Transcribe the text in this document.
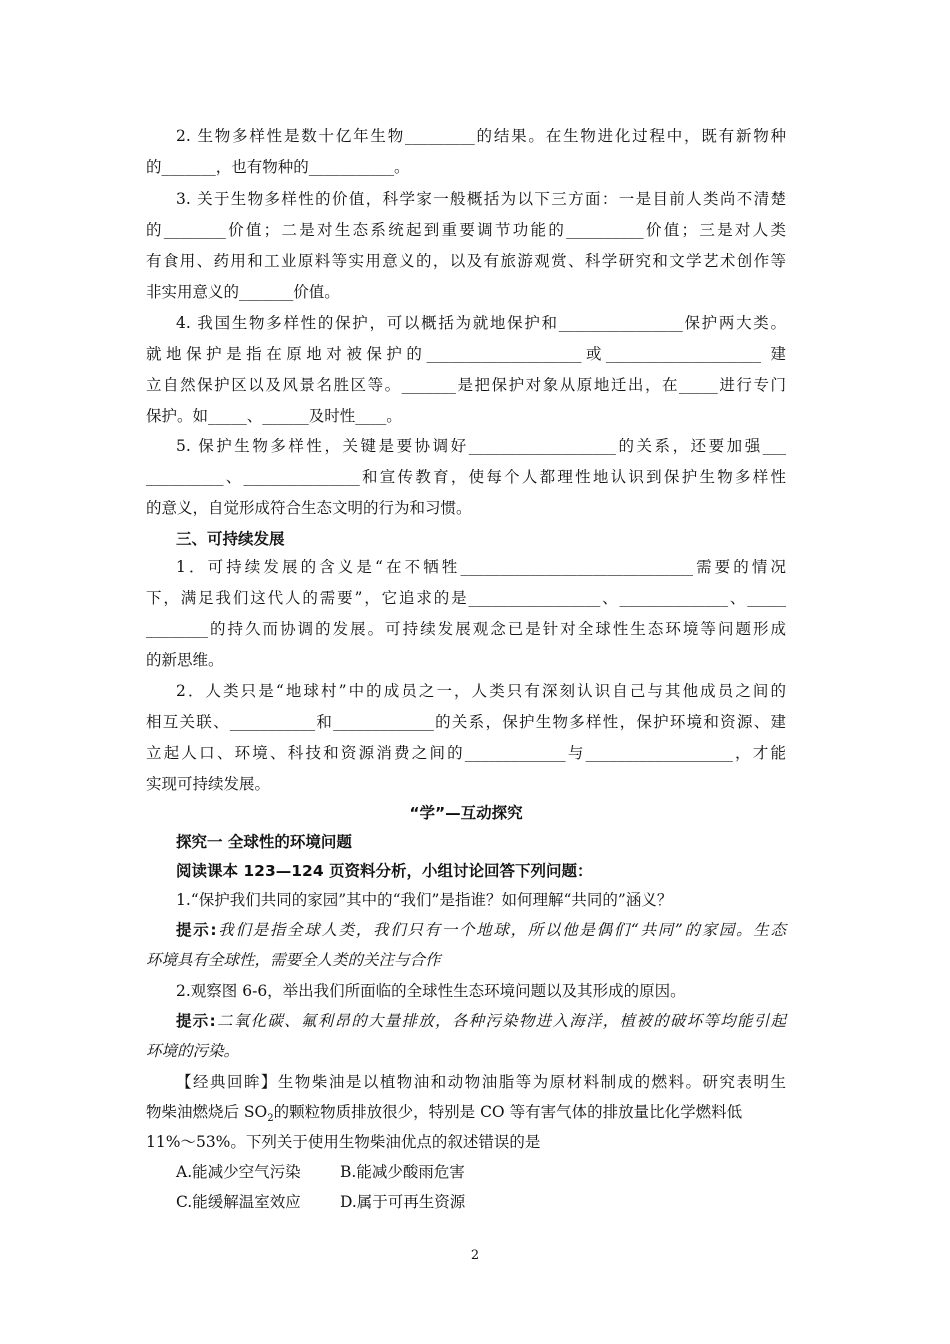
2. 生物多样性是数十亿年生物_________的结果。在生物进化过程中，既有新物种
的_______，也有物种的___________。
3. 关于生物多样性的价值，科学家一般概括为以下三方面：一是目前人类尚不清楚
的________价值；二是对生态系统起到重要调节功能的__________价值；三是对人类
有食用、药用和工业原料等实用意义的，以及有旅游观赏、科学研究和文学艺术创作等
非实用意义的_______价值。
4. 我国生物多样性的保护，可以概括为就地保护和________________保护两大类。
就地保护是指在原地对被保护的____________________或____________________ 建
立自然保护区以及风景名胜区等。_______是把保护对象从原地迁出，在_____进行专门
保护。如_____、______及时性____。
5. 保护生物多样性，关键是要协调好___________________的关系，还要加强___
__________、_______________和宣传教育，使每个人都理性地认识到保护生物多样性
的意义，自觉形成符合生态文明的行为和习惯。
三、可持续发展
1．可持续发展的含义是“在不牺牲______________________________需要的情况
下，满足我们这代人的需要”，它追求的是_________________、______________、_____
________的持久而协调的发展。可持续发展观念已是针对全球性生态环境等问题形成
的新思维。
2．人类只是“地球村”中的成员之一，人类只有深刻认识自己与其他成员之间的
相互关联、___________和_____________的关系，保护生物多样性，保护环境和资源、建
立起人口、环境、科技和资源消费之间的_____________与___________________，才能
实现可持续发展。
“学”—互动探究
探究一 全球性的环境问题
阅读课本 123—124 页资料分析，小组讨论回答下列问题：
1.“保护我们共同的家园”其中的“我们”是指谁？如何理解“共同的”涵义？
提示:我们是指全球人类，我们只有一个地球，所以他是偶们“共同”的家园。生态
环境具有全球性，需要全人类的关注与合作
2.观察图 6-6，举出我们所面临的全球性生态环境问题以及其形成的原因。
提示:二氧化碳、氟利昂的大量排放，各种污染物进入海洋，植被的破坏等均能引起
环境的污染。
【经典回眸】生物柴油是以植物油和动物油脂等为原材料制成的燃料。研究表明生
物柴油燃烧后 $SO_2$的颗粒物质排放很少，特别是 CO 等有害气体的排放量比化学燃料低
11%～53%。下列关于使用生物柴油优点的叙述错误的是
A.能减少空气污染	B.能减少酸雨危害
C.能缓解温室效应	D.属于可再生资源
2
